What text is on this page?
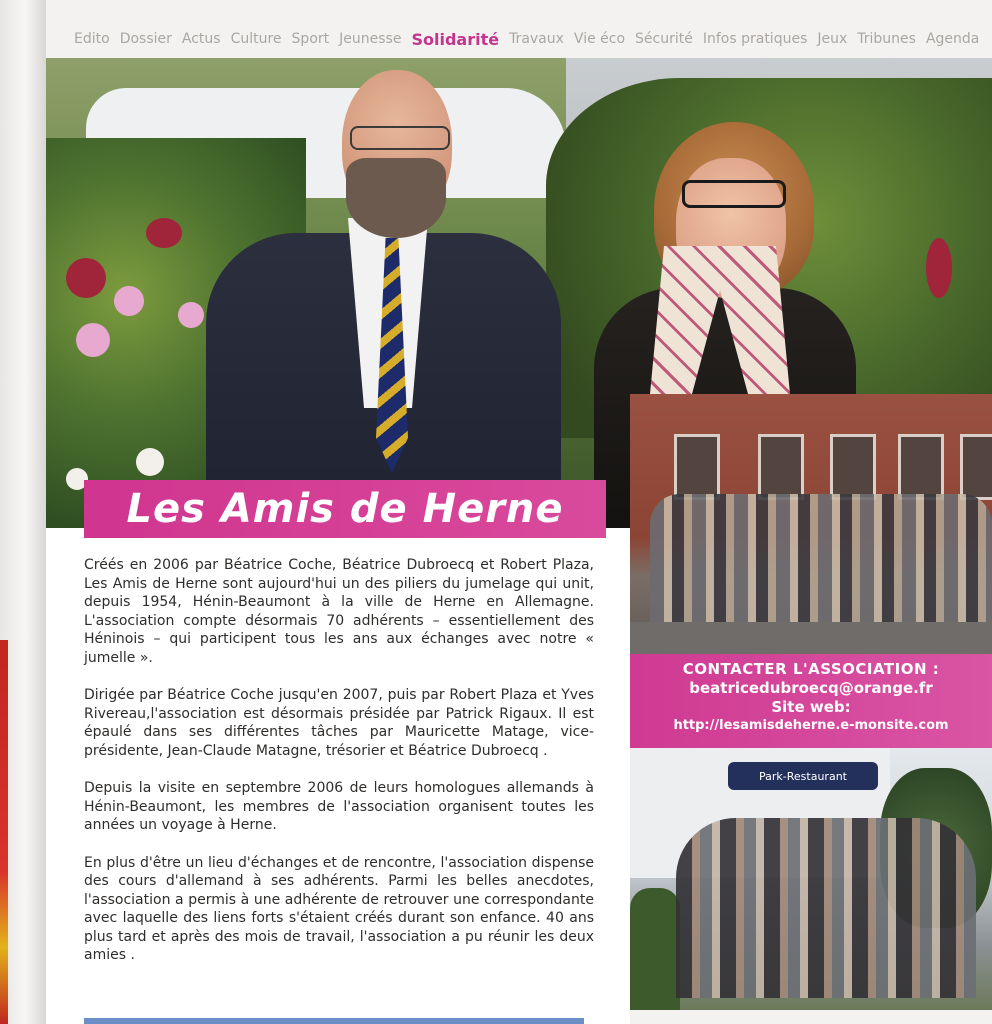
Edito Dossier Actus Culture Sport Jeunesse Solidarité Travaux Vie éco Sécurité Infos pratiques Jeux Tribunes Agenda
Les Amis de Herne

Créés en 2006 par Béatrice Coche, Béatrice Dubroecq et Robert Plaza, Les Amis de Herne sont aujourd'hui un des piliers du jumelage qui unit, depuis 1954, Hénin-Beaumont à la ville de Herne en Allemagne. L'association compte désormais 70 adhérents – essentiellement des Héninois – qui participent tous les ans aux échanges avec notre « jumelle ».

Dirigée par Béatrice Coche jusqu'en 2007, puis par Robert Plaza et Yves Rivereau,l'association est désormais présidée par Patrick Rigaux. Il est épaulé dans ses différentes tâches par Mauricette Matage, vice-présidente, Jean-Claude Matagne, trésorier et Béatrice Dubroecq .

Depuis la visite en septembre 2006 de leurs homologues allemands à Hénin-Beaumont, les membres de l'association organisent toutes les années un voyage à Herne.

En plus d'être un lieu d'échanges et de rencontre, l'association dispense des cours d'allemand à ses adhérents. Parmi les belles anecdotes, l'association a permis à une adhérente de retrouver une correspondante avec laquelle des liens forts s'étaient créés durant son enfance. 40 ans plus tard et après des mois de travail, l'association a pu réunir les deux amies .

CONTACTER L'ASSOCIATION :
beatricedubroecq@orange.fr
Site web:
http://lesamisdeherne.e-monsite.com
Park-Restaurant
